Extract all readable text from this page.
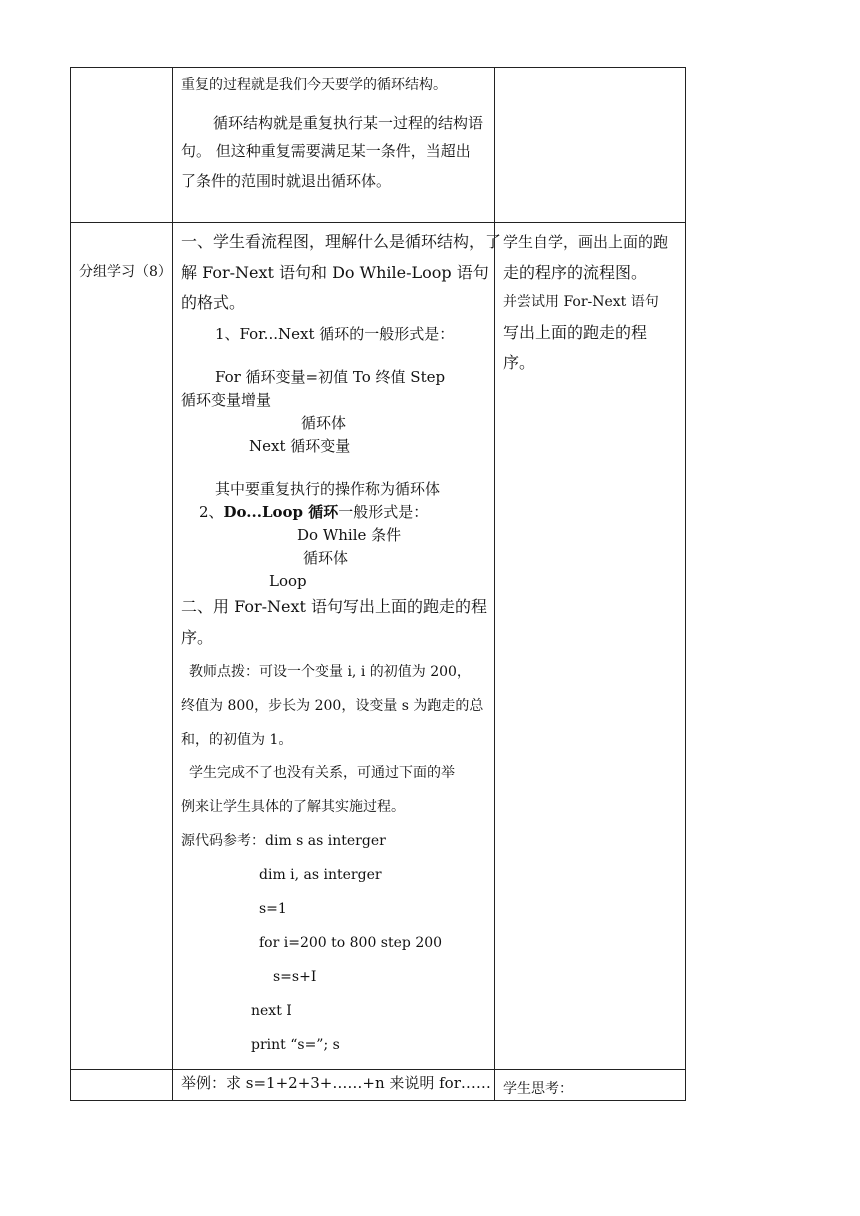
重复的过程就是我们今天要学的循环结构。
循环结构就是重复执行某一过程的结构语
句。 但这种重复需要满足某一条件，当超出
了条件的范围时就退出循环体。
分组学习（8）
一、学生看流程图，理解什么是循环结构，了
解 For-Next 语句和 Do While-Loop 语句
的格式。
1、For...Next 循环的一般形式是：
For 循环变量=初值 To 终值 Step
循环变量增量
循环体
Next 循环变量
其中要重复执行的操作称为循环体
2、Do...Loop 循环一般形式是：
Do While 条件
循环体
Loop
二、用 For-Next 语句写出上面的跑走的程
序。
教师点拨：可设一个变量 i, i 的初值为 200，
终值为 800，步长为 200，设变量 s 为跑走的总
和，的初值为 1。
学生完成不了也没有关系，可通过下面的举
例来让学生具体的了解其实施过程。
源代码参考：dim s as interger
dim i, as interger
s=1
for i=200 to 800 step 200
s=s+I
next I
print “s=”; s
学生自学，画出上面的跑
走的程序的流程图。
并尝试用 For-Next 语句
写出上面的跑走的程
序。
举例：求 s=1+2+3+……+n 来说明 for…… 学生思考：
